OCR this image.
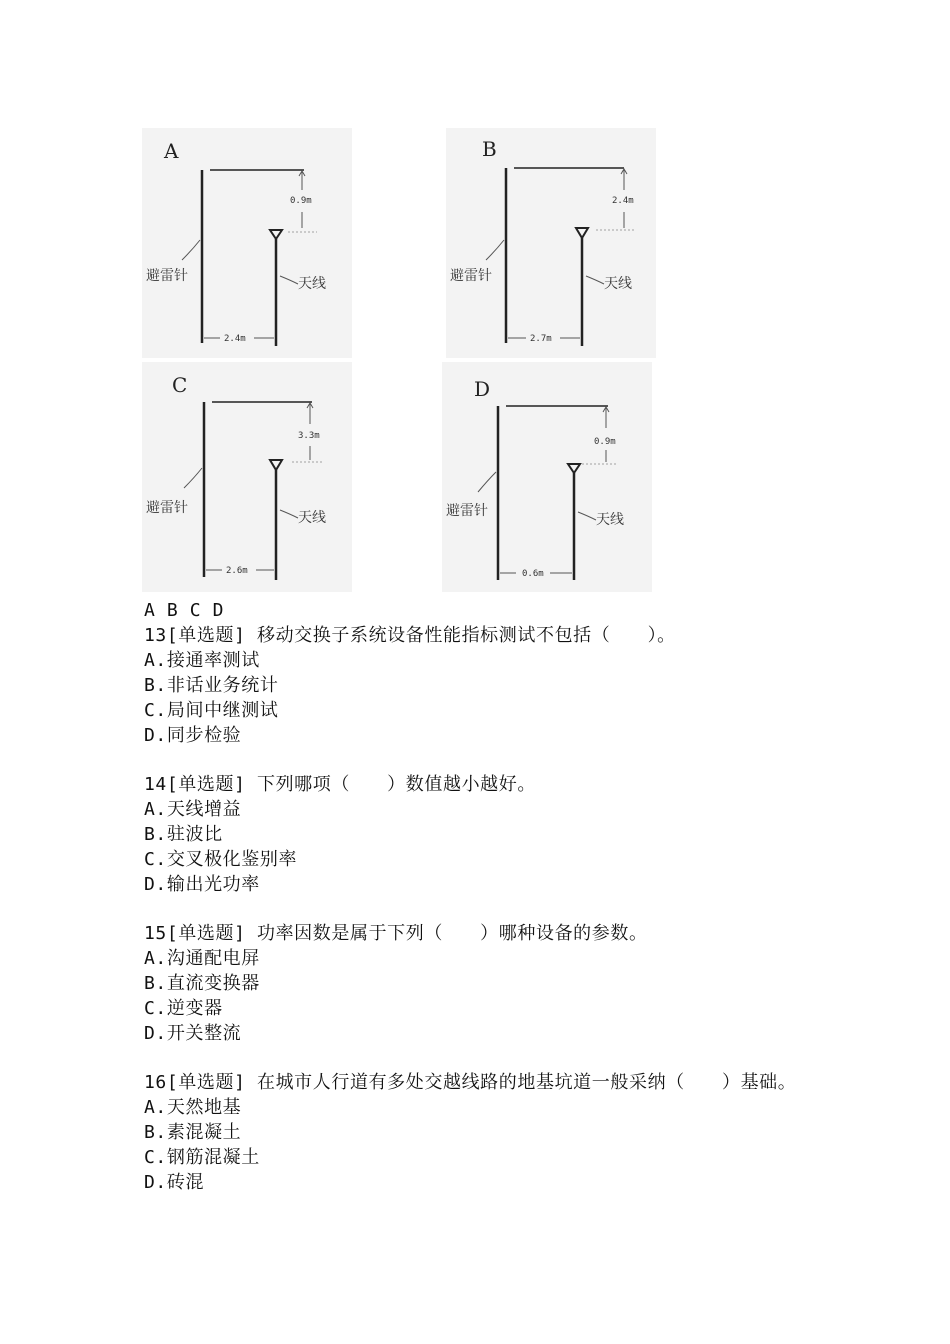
A
0.9m
避雷针	天线
2.4m
B
2.4m
避雷针	天线
2.7m
C
3.3m
避雷针
天线
2.6m
D
0.9m
避雷针
天线
0.6m
A B C D
13[单选题] 移动交换子系统设备性能指标测试不包括（　　）。
A.接通率测试
B.非话业务统计
C.局间中继测试
D.同步检验
14[单选题] 下列哪项（　　）数值越小越好。
A.天线增益
B.驻波比
C.交叉极化鉴别率
D.输出光功率
15[单选题] 功率因数是属于下列（　　）哪种设备的参数。
A.沟通配电屏
B.直流变换器
C.逆变器
D.开关整流
16[单选题] 在城市人行道有多处交越线路的地基坑道一般采纳（　　）基础。
A.天然地基
B.素混凝土
C.钢筋混凝土
D.砖混
